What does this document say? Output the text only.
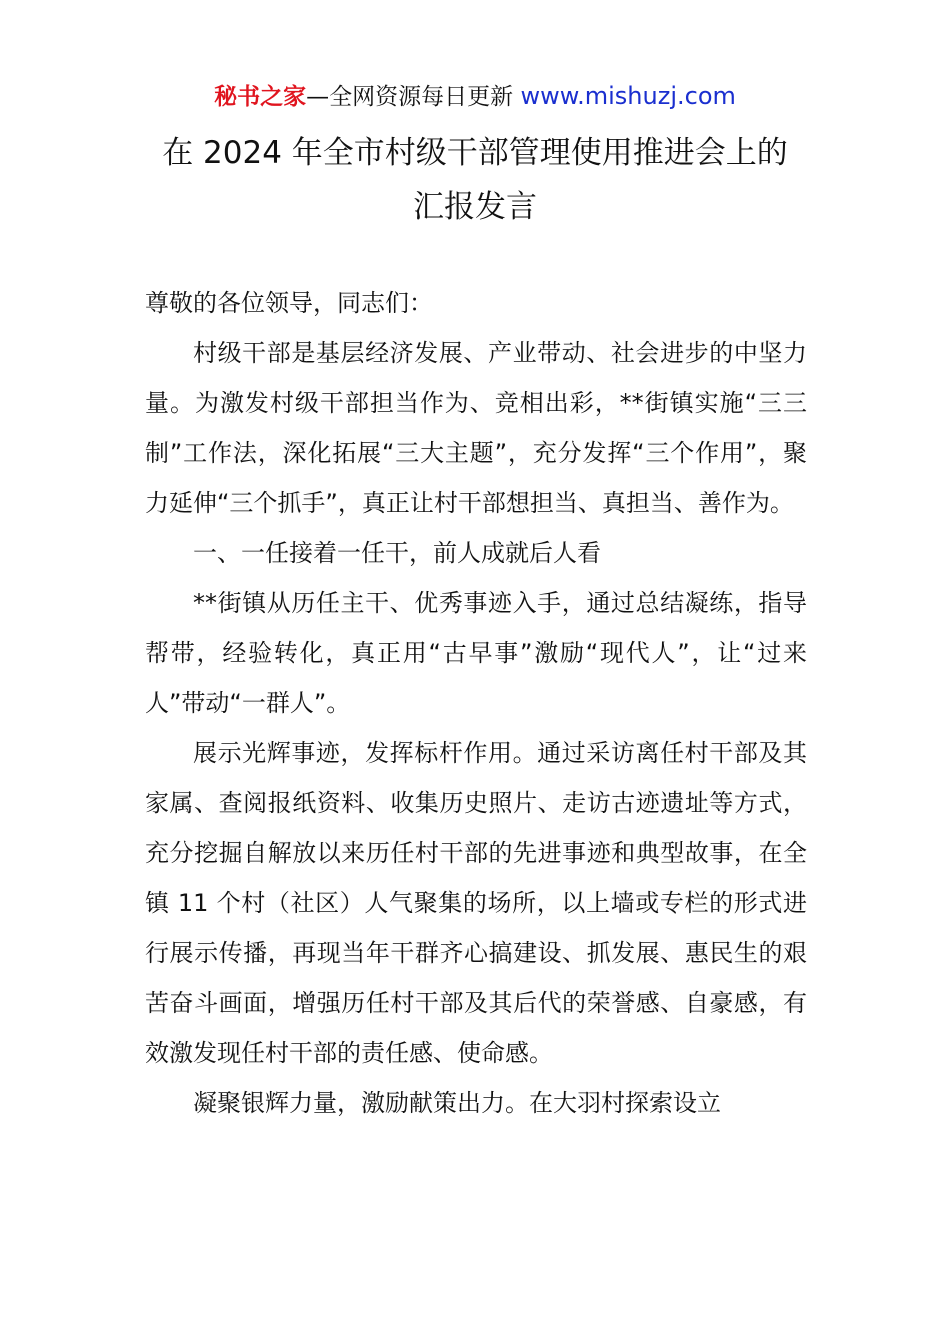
秘书之家—全网资源每日更新 www.mishuzj.com
在 2024 年全市村级干部管理使用推进会上的
汇报发言

尊敬的各位领导，同志们：

村级干部是基层经济发展、产业带动、社会进步的中坚力量。为激发村级干部担当作为、竞相出彩，**街镇实施“三三制”工作法，深化拓展“三大主题”，充分发挥“三个作用”，聚力延伸“三个抓手”，真正让村干部想担当、真担当、善作为。

一、一任接着一任干，前人成就后人看

**街镇从历任主干、优秀事迹入手，通过总结凝练，指导帮带，经验转化，真正用“古早事”激励“现代人”，让“过来人”带动“一群人”。

展示光辉事迹，发挥标杆作用。通过采访离任村干部及其家属、查阅报纸资料、收集历史照片、走访古迹遗址等方式，充分挖掘自解放以来历任村干部的先进事迹和典型故事，在全镇 11 个村（社区）人气聚集的场所，以上墙或专栏的形式进行展示传播，再现当年干群齐心搞建设、抓发展、惠民生的艰苦奋斗画面，增强历任村干部及其后代的荣誉感、自豪感，有效激发现任村干部的责任感、使命感。

凝聚银辉力量，激励献策出力。在大羽村探索设立
